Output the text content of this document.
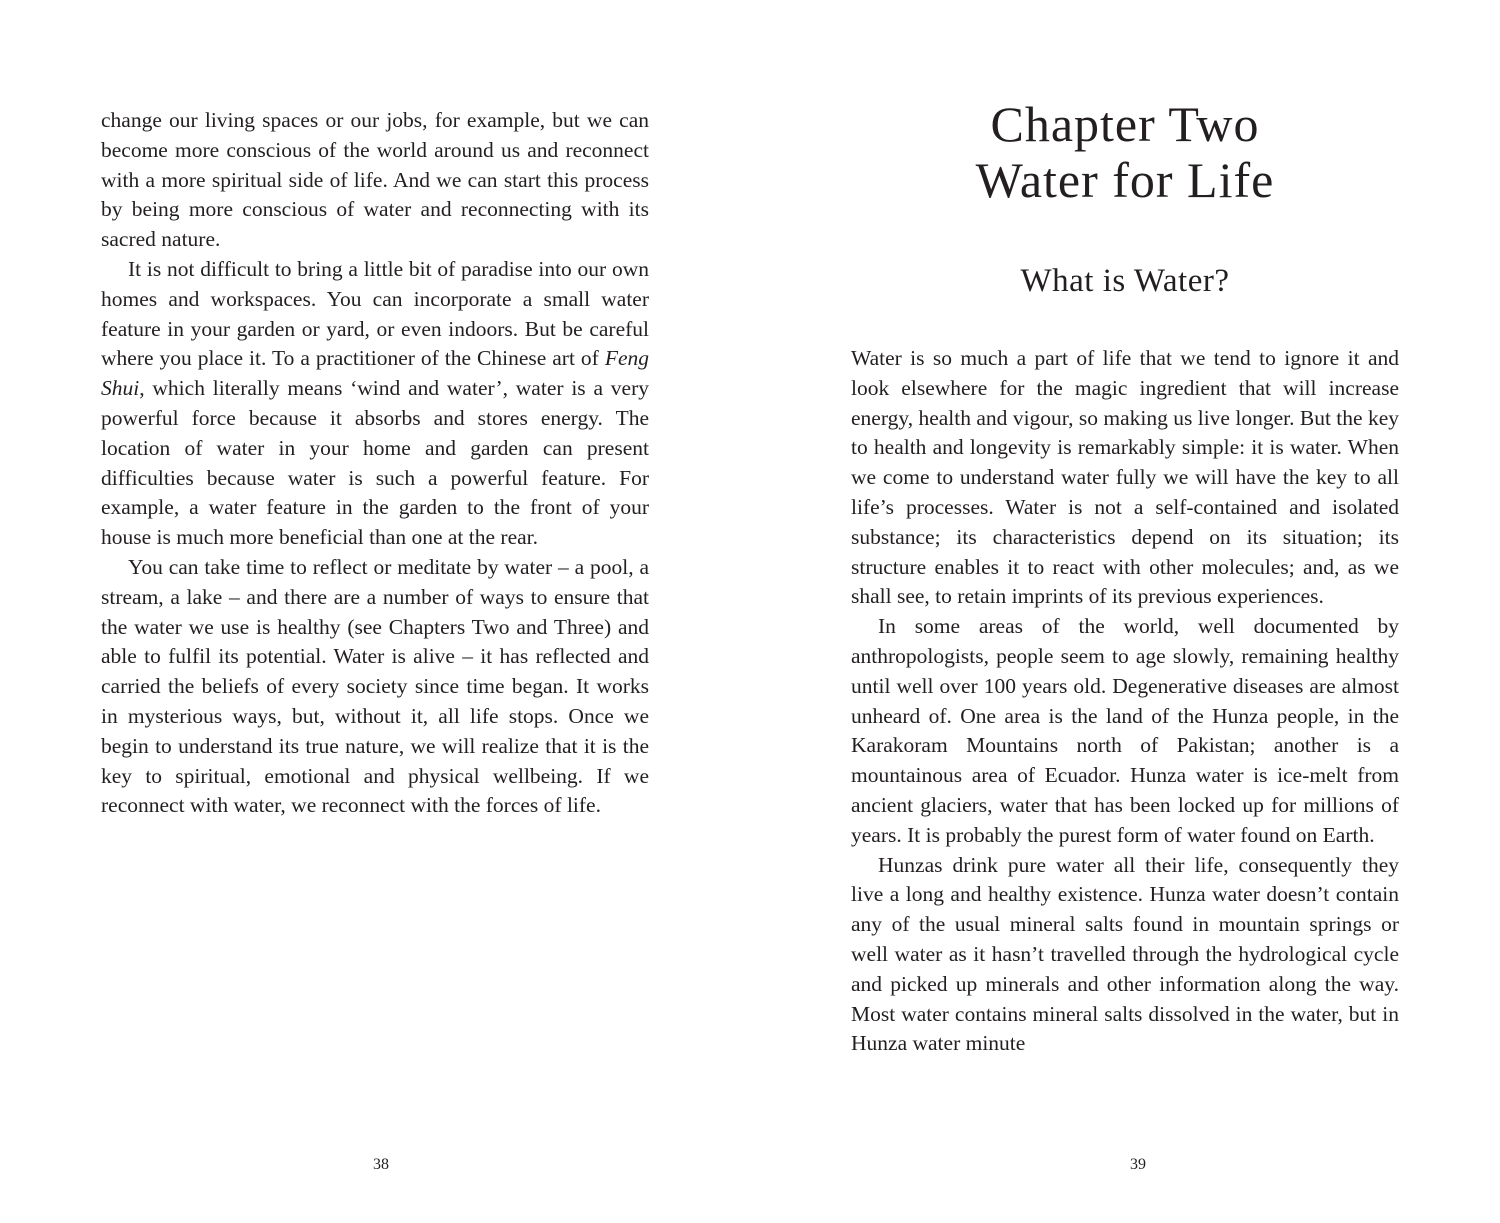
change our living spaces or our jobs, for example, but we can become more conscious of the world around us and reconnect with a more spiritual side of life. And we can start this process by being more conscious of water and reconnecting with its sacred nature.

It is not difficult to bring a little bit of paradise into our own homes and workspaces. You can incorporate a small water feature in your garden or yard, or even indoors. But be careful where you place it. To a practitioner of the Chinese art of Feng Shui, which literally means ‘wind and water’, water is a very powerful force because it absorbs and stores energy. The location of water in your home and garden can present difficulties because water is such a powerful feature. For example, a water feature in the garden to the front of your house is much more beneficial than one at the rear.

You can take time to reflect or meditate by water – a pool, a stream, a lake – and there are a number of ways to ensure that the water we use is healthy (see Chapters Two and Three) and able to fulfil its potential. Water is alive – it has reflected and carried the beliefs of every society since time began. It works in mysterious ways, but, without it, all life stops. Once we begin to understand its true nature, we will realize that it is the key to spiritual, emotional and physical wellbeing. If we reconnect with water, we reconnect with the forces of life.

38
Chapter Two
Water for Life
What is Water?

Water is so much a part of life that we tend to ignore it and look elsewhere for the magic ingredient that will increase energy, health and vigour, so making us live longer. But the key to health and longevity is remarkably simple: it is water. When we come to understand water fully we will have the key to all life’s processes. Water is not a self-contained and isolated substance; its characteristics depend on its situation; its structure enables it to react with other molecules; and, as we shall see, to retain imprints of its previous experiences.

In some areas of the world, well documented by anthropologists, people seem to age slowly, remaining healthy until well over 100 years old. Degenerative diseases are almost unheard of. One area is the land of the Hunza people, in the Karakoram Mountains north of Pakistan; another is a mountainous area of Ecuador. Hunza water is ice-melt from ancient glaciers, water that has been locked up for millions of years. It is probably the purest form of water found on Earth.

Hunzas drink pure water all their life, consequently they live a long and healthy existence. Hunza water doesn’t contain any of the usual mineral salts found in mountain springs or well water as it hasn’t travelled through the hydrological cycle and picked up minerals and other information along the way. Most water contains mineral salts dissolved in the water, but in Hunza water minute

39
